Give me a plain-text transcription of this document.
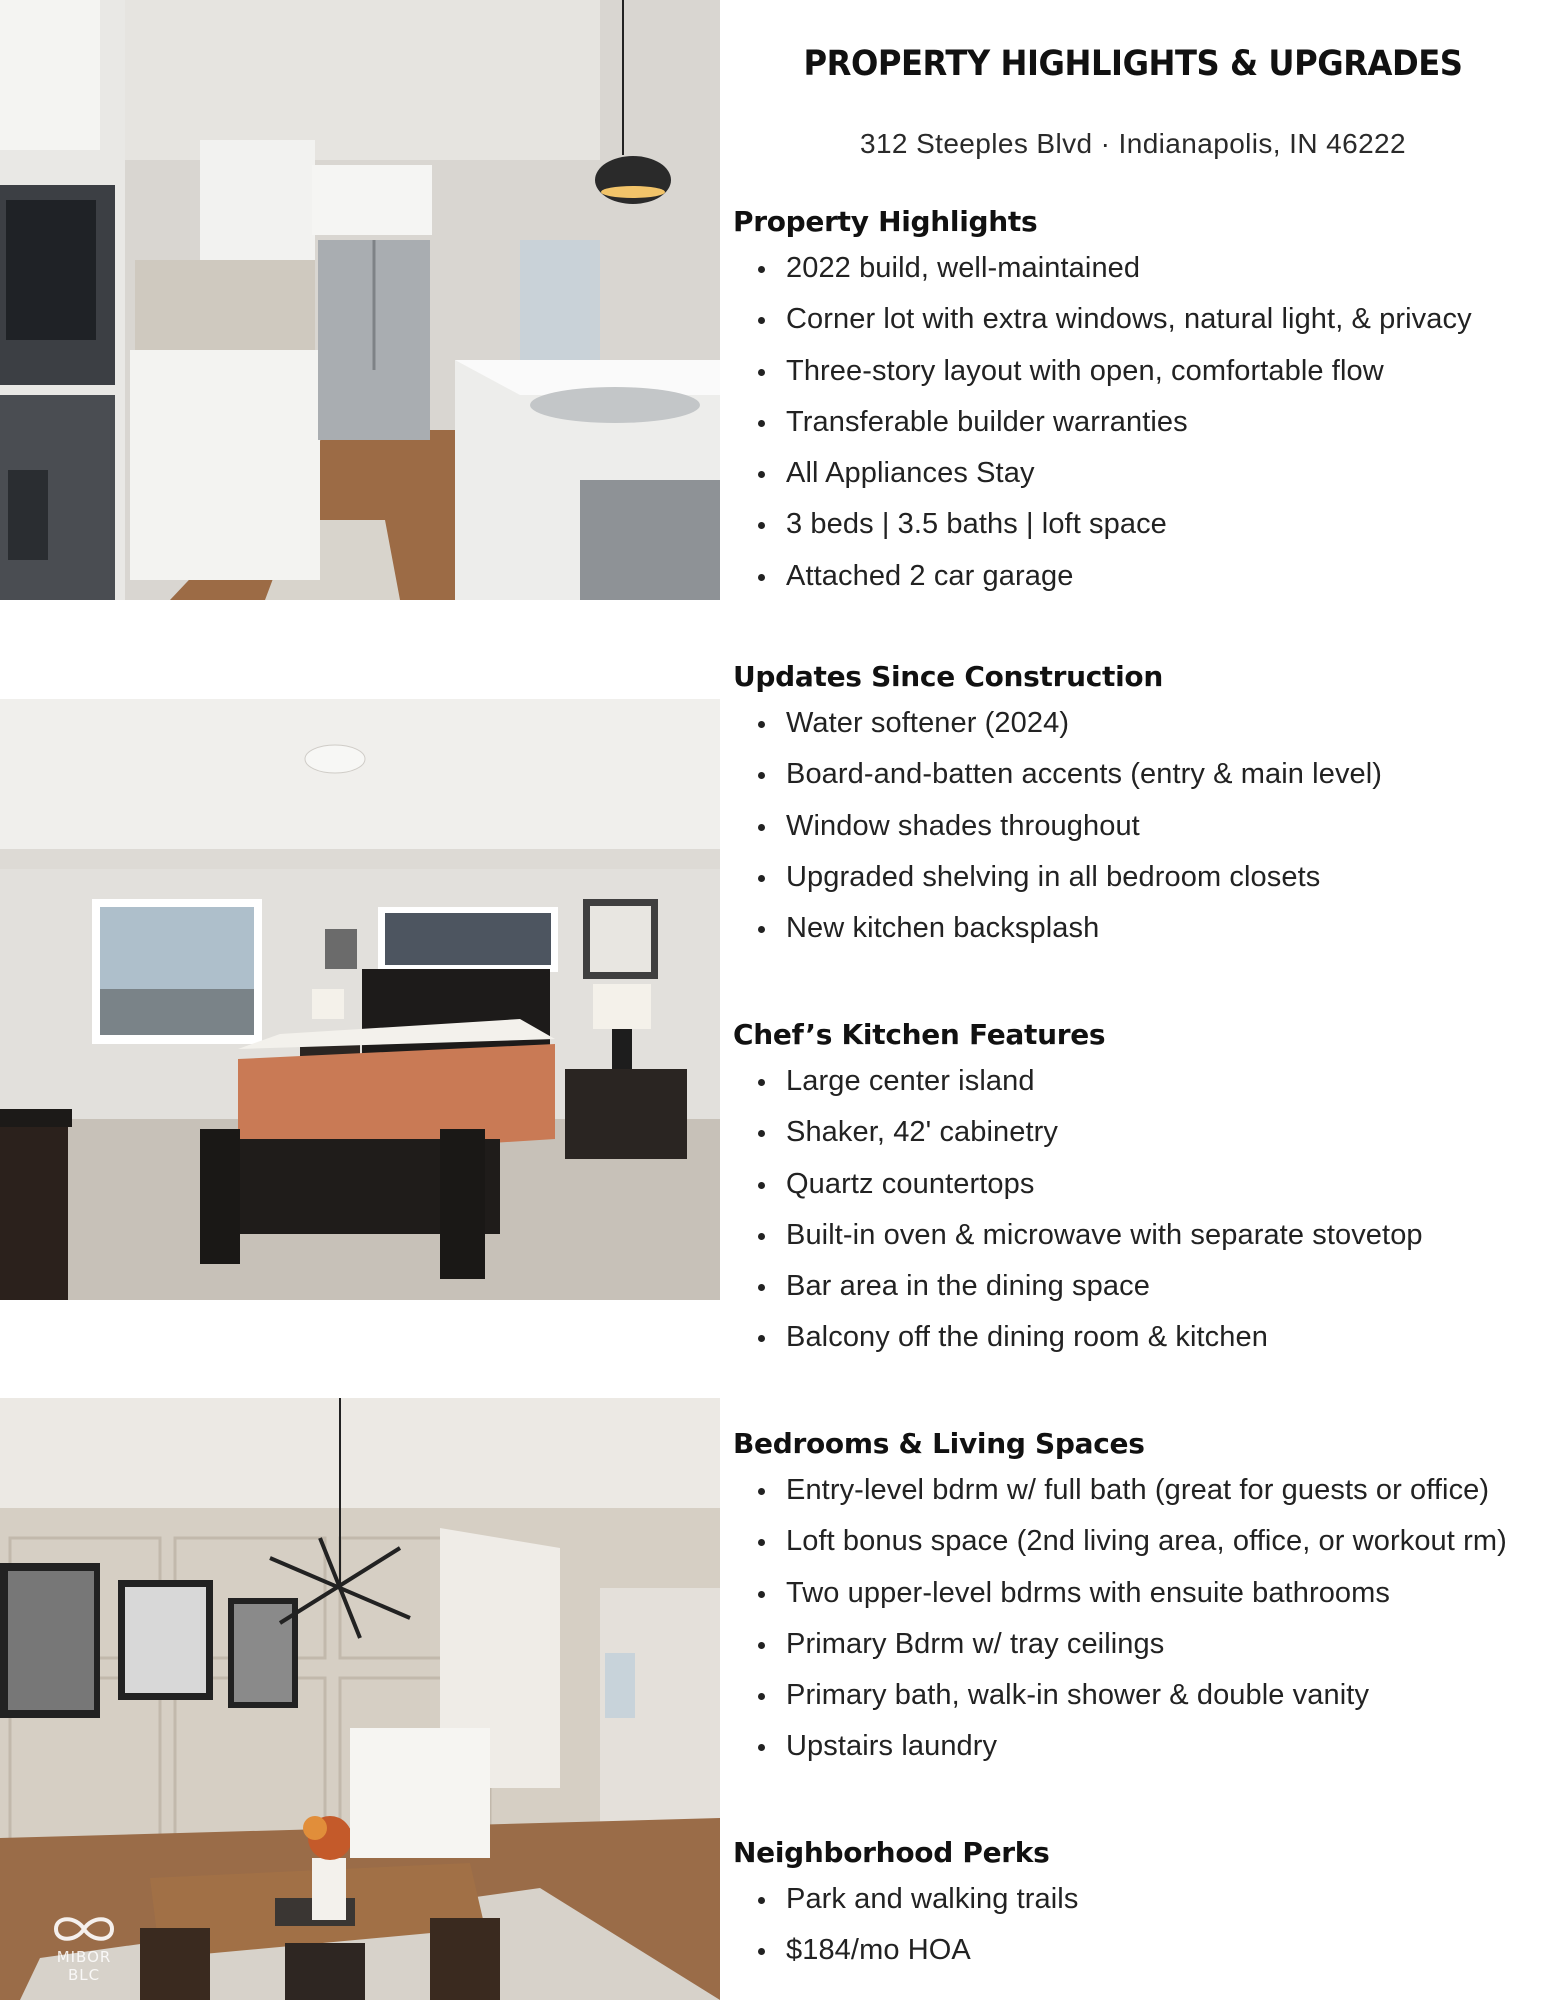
MIBOR BLC
PROPERTY HIGHLIGHTS & UPGRADES
312 Steeples Blvd · Indianapolis, IN 46222
Property Highlights
2022 build, well-maintained
Corner lot with extra windows, natural light, & privacy
Three-story layout with open, comfortable flow
Transferable builder warranties
All Appliances Stay
3 beds | 3.5 baths | loft space
Attached 2 car garage
Updates Since Construction
Water softener (2024)
Board-and-batten accents (entry & main level)
Window shades throughout
Upgraded shelving in all bedroom closets
New kitchen backsplash
Chef’s Kitchen Features
Large center island
Shaker, 42' cabinetry
Quartz countertops
Built-in oven & microwave with separate stovetop
Bar area in the dining space
Balcony off the dining room & kitchen
Bedrooms & Living Spaces
Entry-level bdrm w/ full bath (great for guests or office)
Loft bonus space (2nd living area, office, or workout rm)
Two upper-level bdrms with ensuite bathrooms
Primary Bdrm w/ tray ceilings
Primary bath, walk-in shower & double vanity
Upstairs laundry
Neighborhood Perks
Park and walking trails
$184/mo HOA
